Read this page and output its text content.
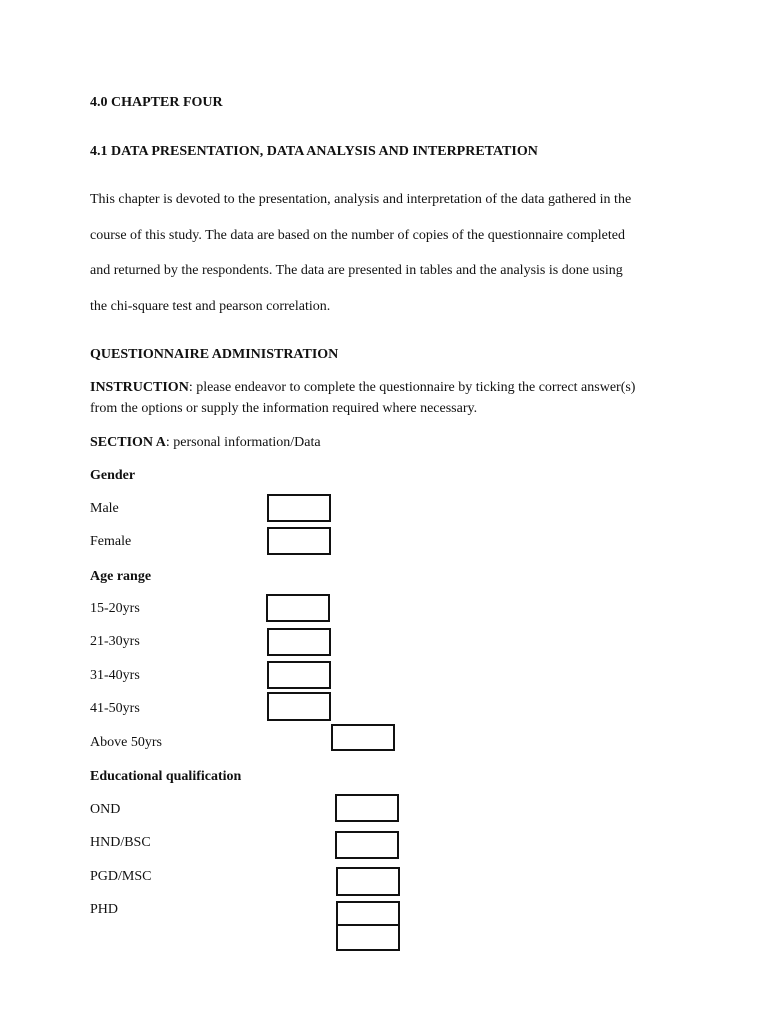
4.0 CHAPTER FOUR
4.1 DATA PRESENTATION, DATA ANALYSIS AND INTERPRETATION
This chapter is devoted to the presentation, analysis and interpretation of the data gathered in the
course of this study. The data are based on the number of copies of the questionnaire completed
and returned by the respondents. The data are presented in tables and the analysis is done using
the chi-square test and pearson correlation.
QUESTIONNAIRE ADMINISTRATION
INSTRUCTION: please endeavor to complete the questionnaire by ticking the correct answer(s)
from the options or supply the information required where necessary.
SECTION A: personal information/Data
Gender
Male
Female
Age range
15-20yrs
21-30yrs
31-40yrs
41-50yrs
Above 50yrs
Educational qualification
OND
HND/BSC
PGD/MSC
PHD
